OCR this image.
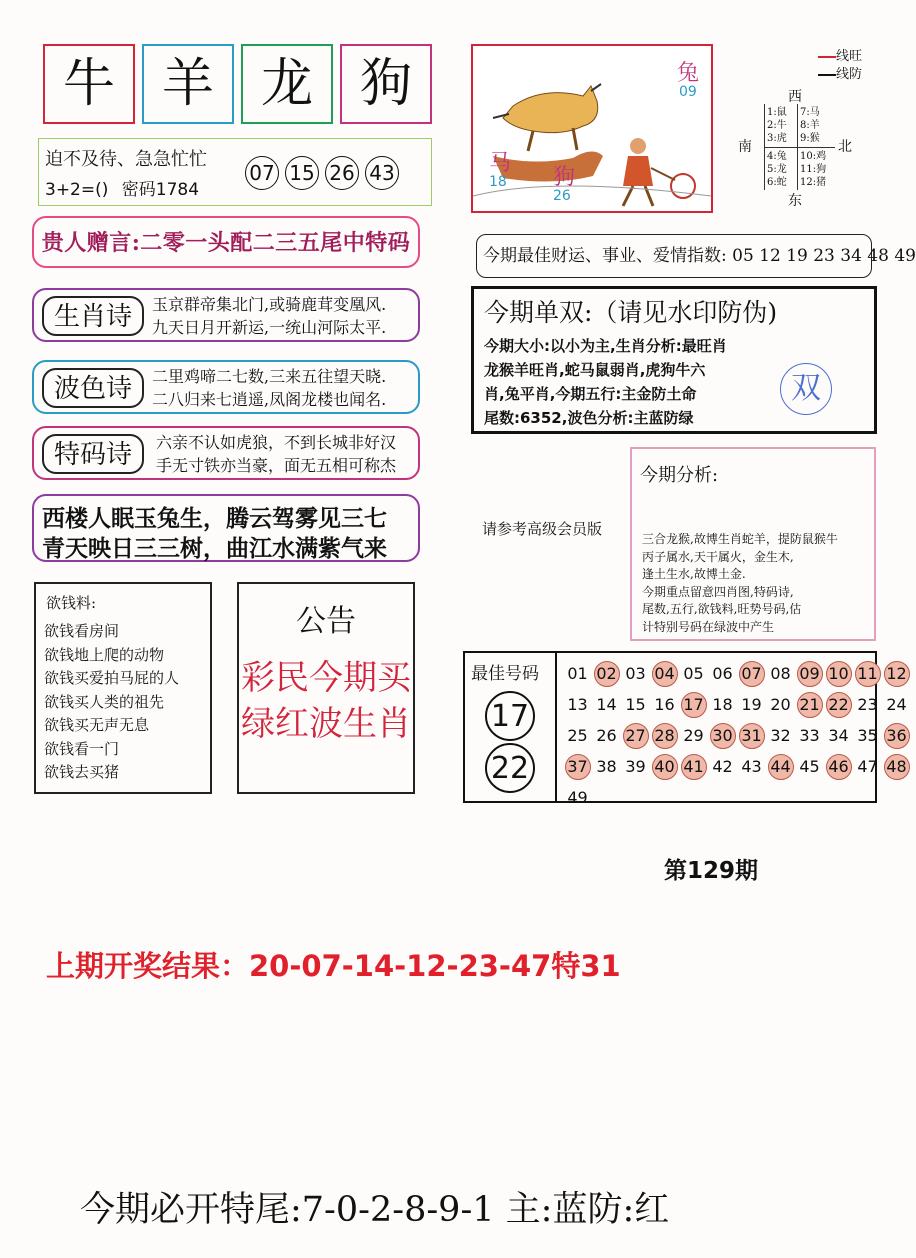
牛 羊 龙 狗
迫不及待、急急忙忙
3+2=() 密码1784
07 15 26 43
贵人赠言:二零一头配二三五尾中特码
生肖诗	玉京群帝集北门,或骑鹿茸变凰风.
九天日月开新运,一统山河际太平.
波色诗	二里鸡啼二七数,三来五往望天晓.
二八归来七逍遥,凤阁龙楼也闻名.
特码诗	六亲不认如虎狼，不到长城非好汉
手无寸铁亦当豪，面无五相可称杰
西楼人眠玉兔生，腾云驾雾见三七
青天映日三三树，曲江水满紫气来
欲钱料:
欲钱看房间
欲钱地上爬的动物
欲钱买爱拍马屁的人
欲钱买人类的祖先
欲钱买无声无息
欲钱看一门
欲钱去买猪
公告
彩民今期买
绿红波生肖
兔
09
马
18 狗
26
线旺
线防
西
南	北
东
1:鼠
2:牛
3:虎
7:马
8:羊
9:猴
4:兔
5:龙
6:蛇
10:鸡
11:狗
12:猪
今期最佳财运、事业、爱情指数: 05 12 19 23 34 48 49
今期单双:（请见水印防伪)
今期大小:以小为主,生肖分析:最旺肖
龙猴羊旺肖,蛇马鼠弱肖,虎狗牛六
肖,兔平肖,今期五行:主金防土命
尾数:6352,波色分析:主蓝防绿
双
请参考高级会员版
今期分析:
三合龙猴,故博生肖蛇羊，提防鼠猴牛
丙子属水,天干属火，金生木,
逢土生水,故博土金.
今期重点留意四肖图,特码诗,
尾数,五行,欲钱料,旺势号码,估
计特别号码在绿波中产生
最佳号码
17
22
01 02 03 04 05 06 07 08 09 10 11 12
13 14 15 16 17 18 19 20 21 22 23 24
25 26 27 28 29 30 31 32 33 34 35 36
37 38 39 40 41 42 43 44 45 46 47 48
49
第129期
上期开奖结果：20-07-14-12-23-47特31
今期必开特尾:7-0-2-8-9-1 主:蓝防:红
